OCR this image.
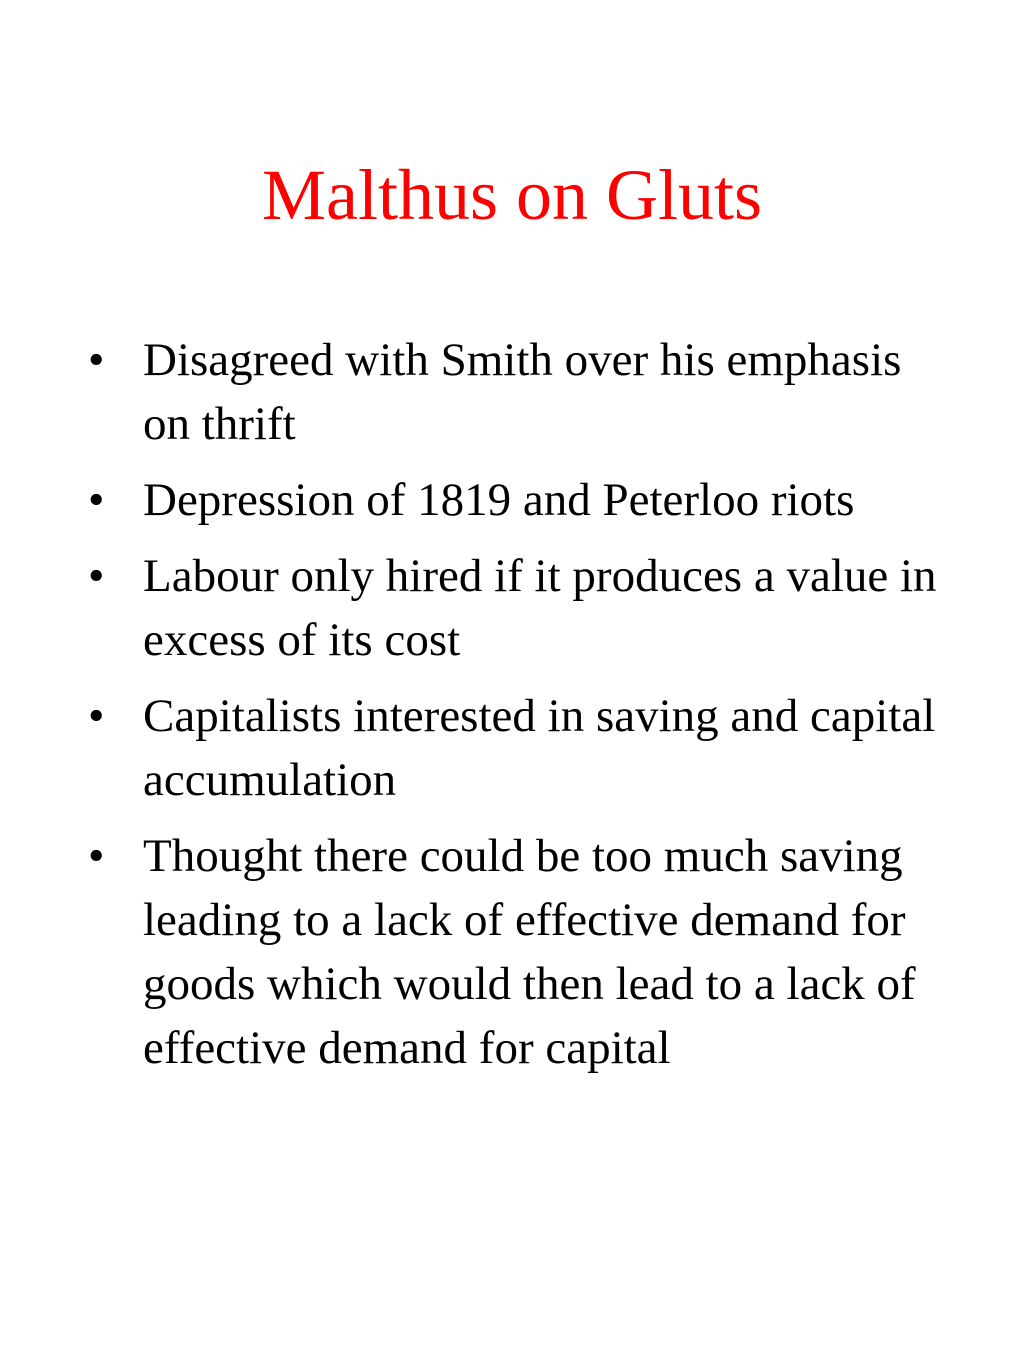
Malthus on Gluts
• Disagreed with Smith over his emphasis on thrift
• Depression of 1819 and Peterloo riots
• Labour only hired if it produces a value in excess of its cost
• Capitalists interested in saving and capital accumulation
• Thought there could be too much saving leading to a lack of effective demand for goods which would then lead to a lack of effective demand for capital
